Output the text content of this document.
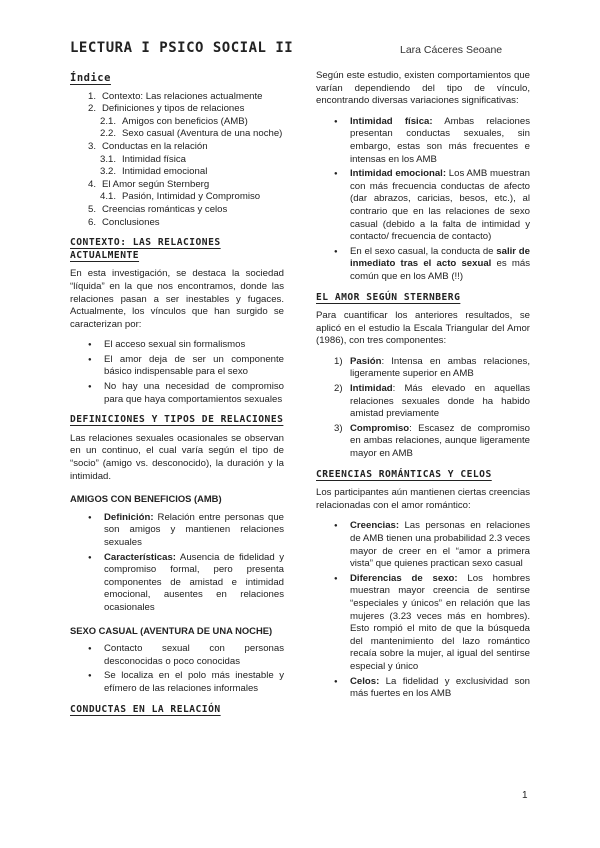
LECTURA I PSICO SOCIAL II	Lara Cáceres Seoane
Índice
1. Contexto: Las relaciones actualmente
2. Definiciones y tipos de relaciones
2.1. Amigos con beneficios (AMB)
2.2. Sexo casual (Aventura de una noche)
3. Conductas en la relación
3.1. Intimidad física
3.2. Intimidad emocional
4. El Amor según Sternberg
4.1. Pasión, Intimidad y Compromiso
5. Creencias románticas y celos
6. Conclusiones
CONTEXTO: LAS RELACIONES ACTUALMENTE

En esta investigación, se destaca la sociedad “líquida” en la que nos encontramos, donde las relaciones pasan a ser inestables y fugaces. Actualmente, los vínculos que han surgido se caracterizan por:

● El acceso sexual sin formalismos
● El amor deja de ser un componente básico indispensable para el sexo
● No hay una necesidad de compromiso para que haya comportamientos sexuales
DEFINICIONES Y TIPOS DE RELACIONES

Las relaciones sexuales ocasionales se observan en un continuo, el cual varía según el tipo de “socio” (amigo vs. desconocido), la duración y la intimidad.

AMIGOS CON BENEFICIOS (AMB)
● Definición: Relación entre personas que son amigos y mantienen relaciones sexuales
● Características: Ausencia de fidelidad y compromiso formal, pero presenta componentes de amistad e intimidad emocional, ausentes en relaciones ocasionales
SEXO CASUAL (AVENTURA DE UNA NOCHE)
● Contacto sexual con personas desconocidas o poco conocidas
● Se localiza en el polo más inestable y efímero de las relaciones informales
CONDUCTAS EN LA RELACIÓN

Según este estudio, existen comportamientos que varían dependiendo del tipo de vínculo, encontrando diversas variaciones significativas:

● Intimidad física: Ambas relaciones presentan conductas sexuales, sin embargo, estas son más frecuentes e intensas en los AMB
● Intimidad emocional: Los AMB muestran con más frecuencia conductas de afecto (dar abrazos, caricias, besos, etc.), al contrario que en las relaciones de sexo casual (debido a la falta de intimidad y contacto/ frecuencia de contacto)
● En el sexo casual, la conducta de salir de inmediato tras el acto sexual es más común que en los AMB (!!)
EL AMOR SEGÚN STERNBERG

Para cuantificar los anteriores resultados, se aplicó en el estudio la Escala Triangular del Amor (1986), con tres componentes:

1) Pasión: Intensa en ambas relaciones, ligeramente superior en AMB
2) Intimidad: Más elevado en aquellas relaciones sexuales donde ha habido amistad previamente
3) Compromiso: Escasez de compromiso en ambas relaciones, aunque ligeramente mayor en AMB
CREENCIAS ROMÁNTICAS Y CELOS

Los participantes aún mantienen ciertas creencias relacionadas con el amor romántico:

● Creencias: Las personas en relaciones de AMB tienen una probabilidad 2.3 veces mayor de creer en el “amor a primera vista” que quienes practican sexo casual
● Diferencias de sexo: Los hombres muestran mayor creencia de sentirse “especiales y únicos” en relación que las mujeres (3.23 veces más en hombres). Esto rompió el mito de que la búsqueda del mantenimiento del lazo romántico recaía sobre la mujer, al igual del sentirse especial y único
● Celos: La fidelidad y exclusividad son más fuertes en los AMB
1
